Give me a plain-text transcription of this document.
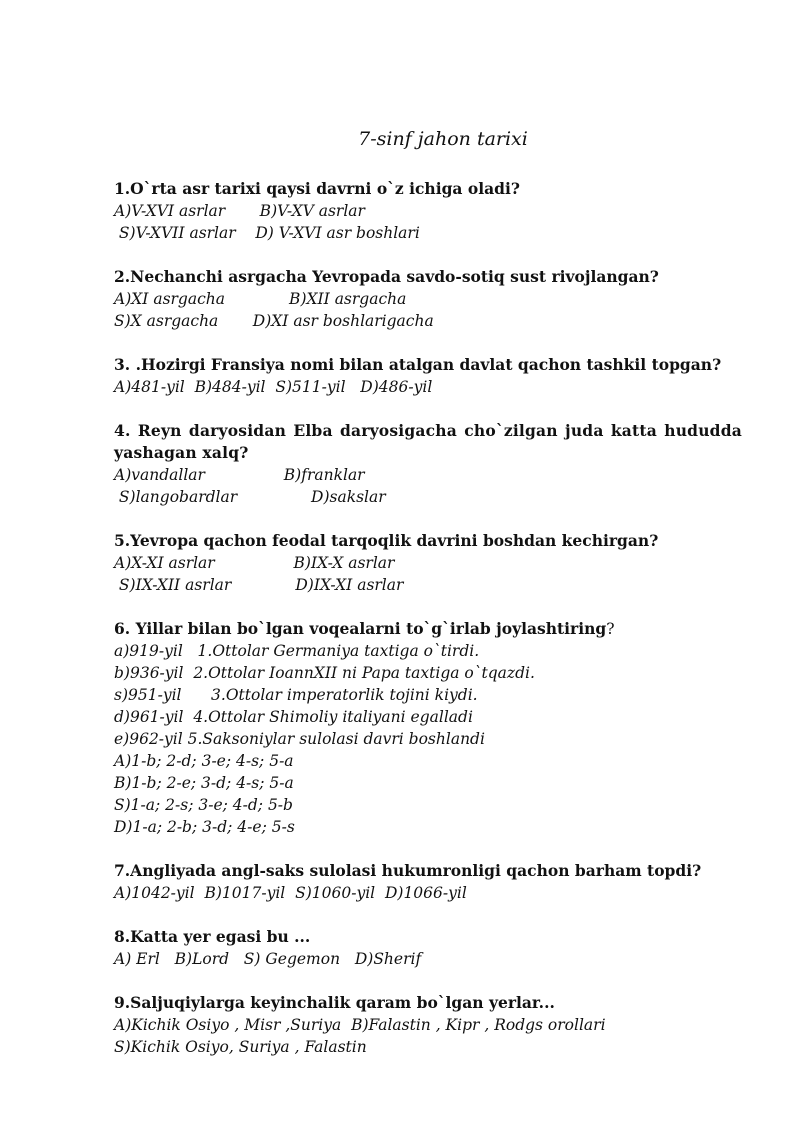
7-sinf jahon tarixi
1.O`rta asr tarixi qaysi davrni o`z ichiga oladi?
A)V-XVI asrlar       B)V-XV asrlar
S)V-XVII asrlar    D) V-XVI asr boshlari
2.Nechanchi asrgacha Yevropada savdo-sotiq sust rivojlangan?
A)XI asrgacha             B)XII asrgacha
S)X asrgacha       D)XI asr boshlarigacha
3. .Hozirgi Fransiya nomi bilan atalgan davlat qachon tashkil topgan?
A)481-yil  B)484-yil  S)511-yil   D)486-yil
4. Reyn daryosidan Elba daryosigacha cho`zilgan juda katta hududda yashagan xalq?
A)vandallar                B)franklar
S)langobardlar               D)sakslar
5.Yevropa qachon feodal tarqoqlik davrini boshdan kechirgan?
A)X-XI asrlar                B)IX-X asrlar
S)IX-XII asrlar             D)IX-XI asrlar
6. Yillar bilan bo`lgan voqealarni to`g`irlab joylashtiring?
a)919-yil   1.Ottolar Germaniya taxtiga o`tirdi.
b)936-yil  2.Ottolar IoannXII ni Papa taxtiga o`tqazdi.
s)951-yil      3.Ottolar imperatorlik tojini kiydi.
d)961-yil  4.Ottolar Shimoliy italiyani egalladi
e)962-yil 5.Saksoniylar sulolasi davri boshlandi
A)1-b; 2-d; 3-e; 4-s; 5-a
B)1-b; 2-e; 3-d; 4-s; 5-a
S)1-a; 2-s; 3-e; 4-d; 5-b
D)1-a; 2-b; 3-d; 4-e; 5-s
7.Angliyada angl-saks sulolasi hukumronligi qachon barham topdi?
A)1042-yil  B)1017-yil  S)1060-yil  D)1066-yil
8.Katta yer egasi bu ...
A) Erl   B)Lord   S) Gegemon   D)Sherif
9.Saljuqiylarga keyinchalik qaram bo`lgan yerlar...
A)Kichik Osiyo , Misr ,Suriya  B)Falastin , Kipr , Rodgs orollari
S)Kichik Osiyo, Suriya , Falastin
